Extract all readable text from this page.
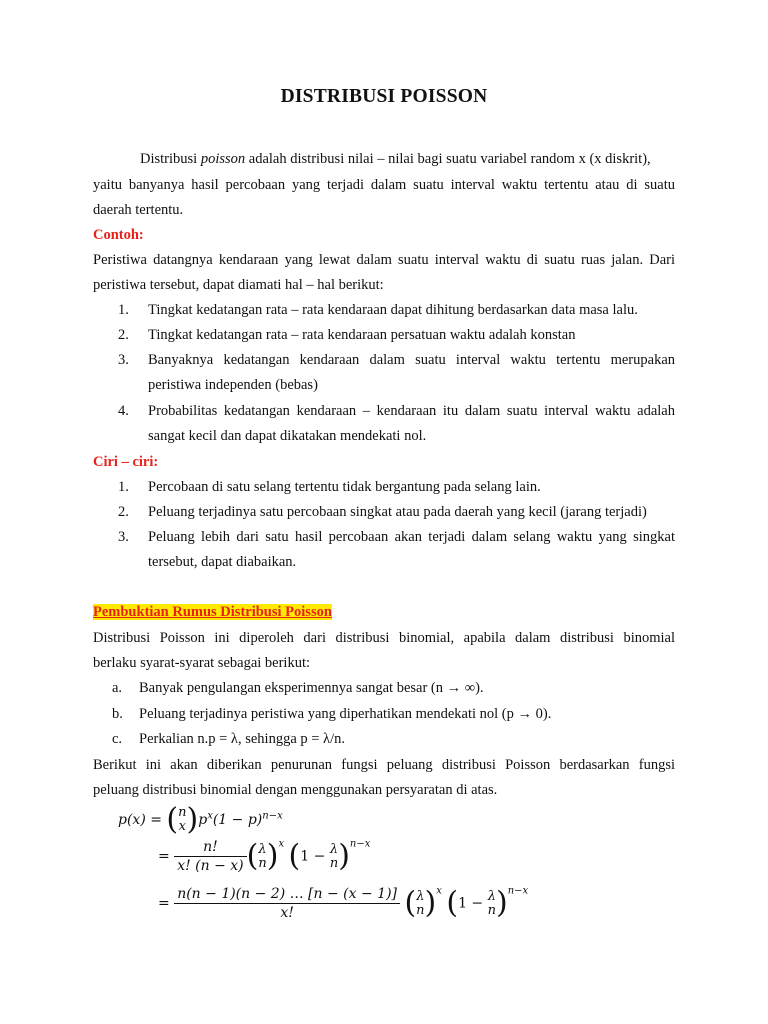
DISTRIBUSI POISSON
Distribusi poisson adalah distribusi nilai – nilai bagi suatu variabel random x (x diskrit),
yaitu banyanya hasil percobaan yang terjadi dalam suatu interval waktu tertentu atau di suatu
daerah tertentu.
Contoh:
Peristiwa datangnya kendaraan yang lewat dalam suatu interval waktu di suatu ruas jalan. Dari
peristiwa tersebut, dapat diamati hal – hal berikut:
1.	Tingkat kedatangan rata – rata kendaraan dapat dihitung berdasarkan data masa lalu.
2.	Tingkat kedatangan rata – rata kendaraan persatuan waktu adalah konstan
3.	Banyaknya kedatangan kendaraan dalam suatu interval waktu tertentu merupakan
peristiwa independen (bebas)
4.	Probabilitas kedatangan kendaraan – kendaraan itu dalam suatu interval waktu adalah
sangat kecil dan dapat dikatakan mendekati nol.
Ciri – ciri:
1.	Percobaan di satu selang tertentu tidak bergantung pada selang lain.
2.	Peluang terjadinya satu percobaan singkat atau pada daerah yang kecil (jarang terjadi)
3.	Peluang lebih dari satu hasil percobaan akan terjadi dalam selang waktu yang singkat
tersebut, dapat diabaikan.
Pembuktian Rumus Distribusi Poisson
Distribusi Poisson ini diperoleh dari distribusi binomial, apabila dalam distribusi binomial
berlaku syarat-syarat sebagai berikut:
a.	Banyak pengulangan eksperimennya sangat besar (n → ∞).
b.	Peluang terjadinya peristiwa yang diperhatikan mendekati nol (p → 0).
c.	Perkalian n.p = λ, sehingga p = λ/n.
Berikut ini akan diberikan penurunan fungsi peluang distribusi Poisson berdasarkan fungsi
peluang distribusi binomial dengan menggunakan persyaratan di atas.
p(x) = ( n
x )$p^x(1 - p)^{n-x}$
= $\frac{n!}{x! (n - x)}$ ( λ
n )$^x$ (1 − λ
n )$^{n-x}$
= $\frac{n(n - 1)(n - 2) \dots [n - (x - 1)]}{x!}$ ( λ
n )$^x$ (1 − λ
n )$^{n-x}$
